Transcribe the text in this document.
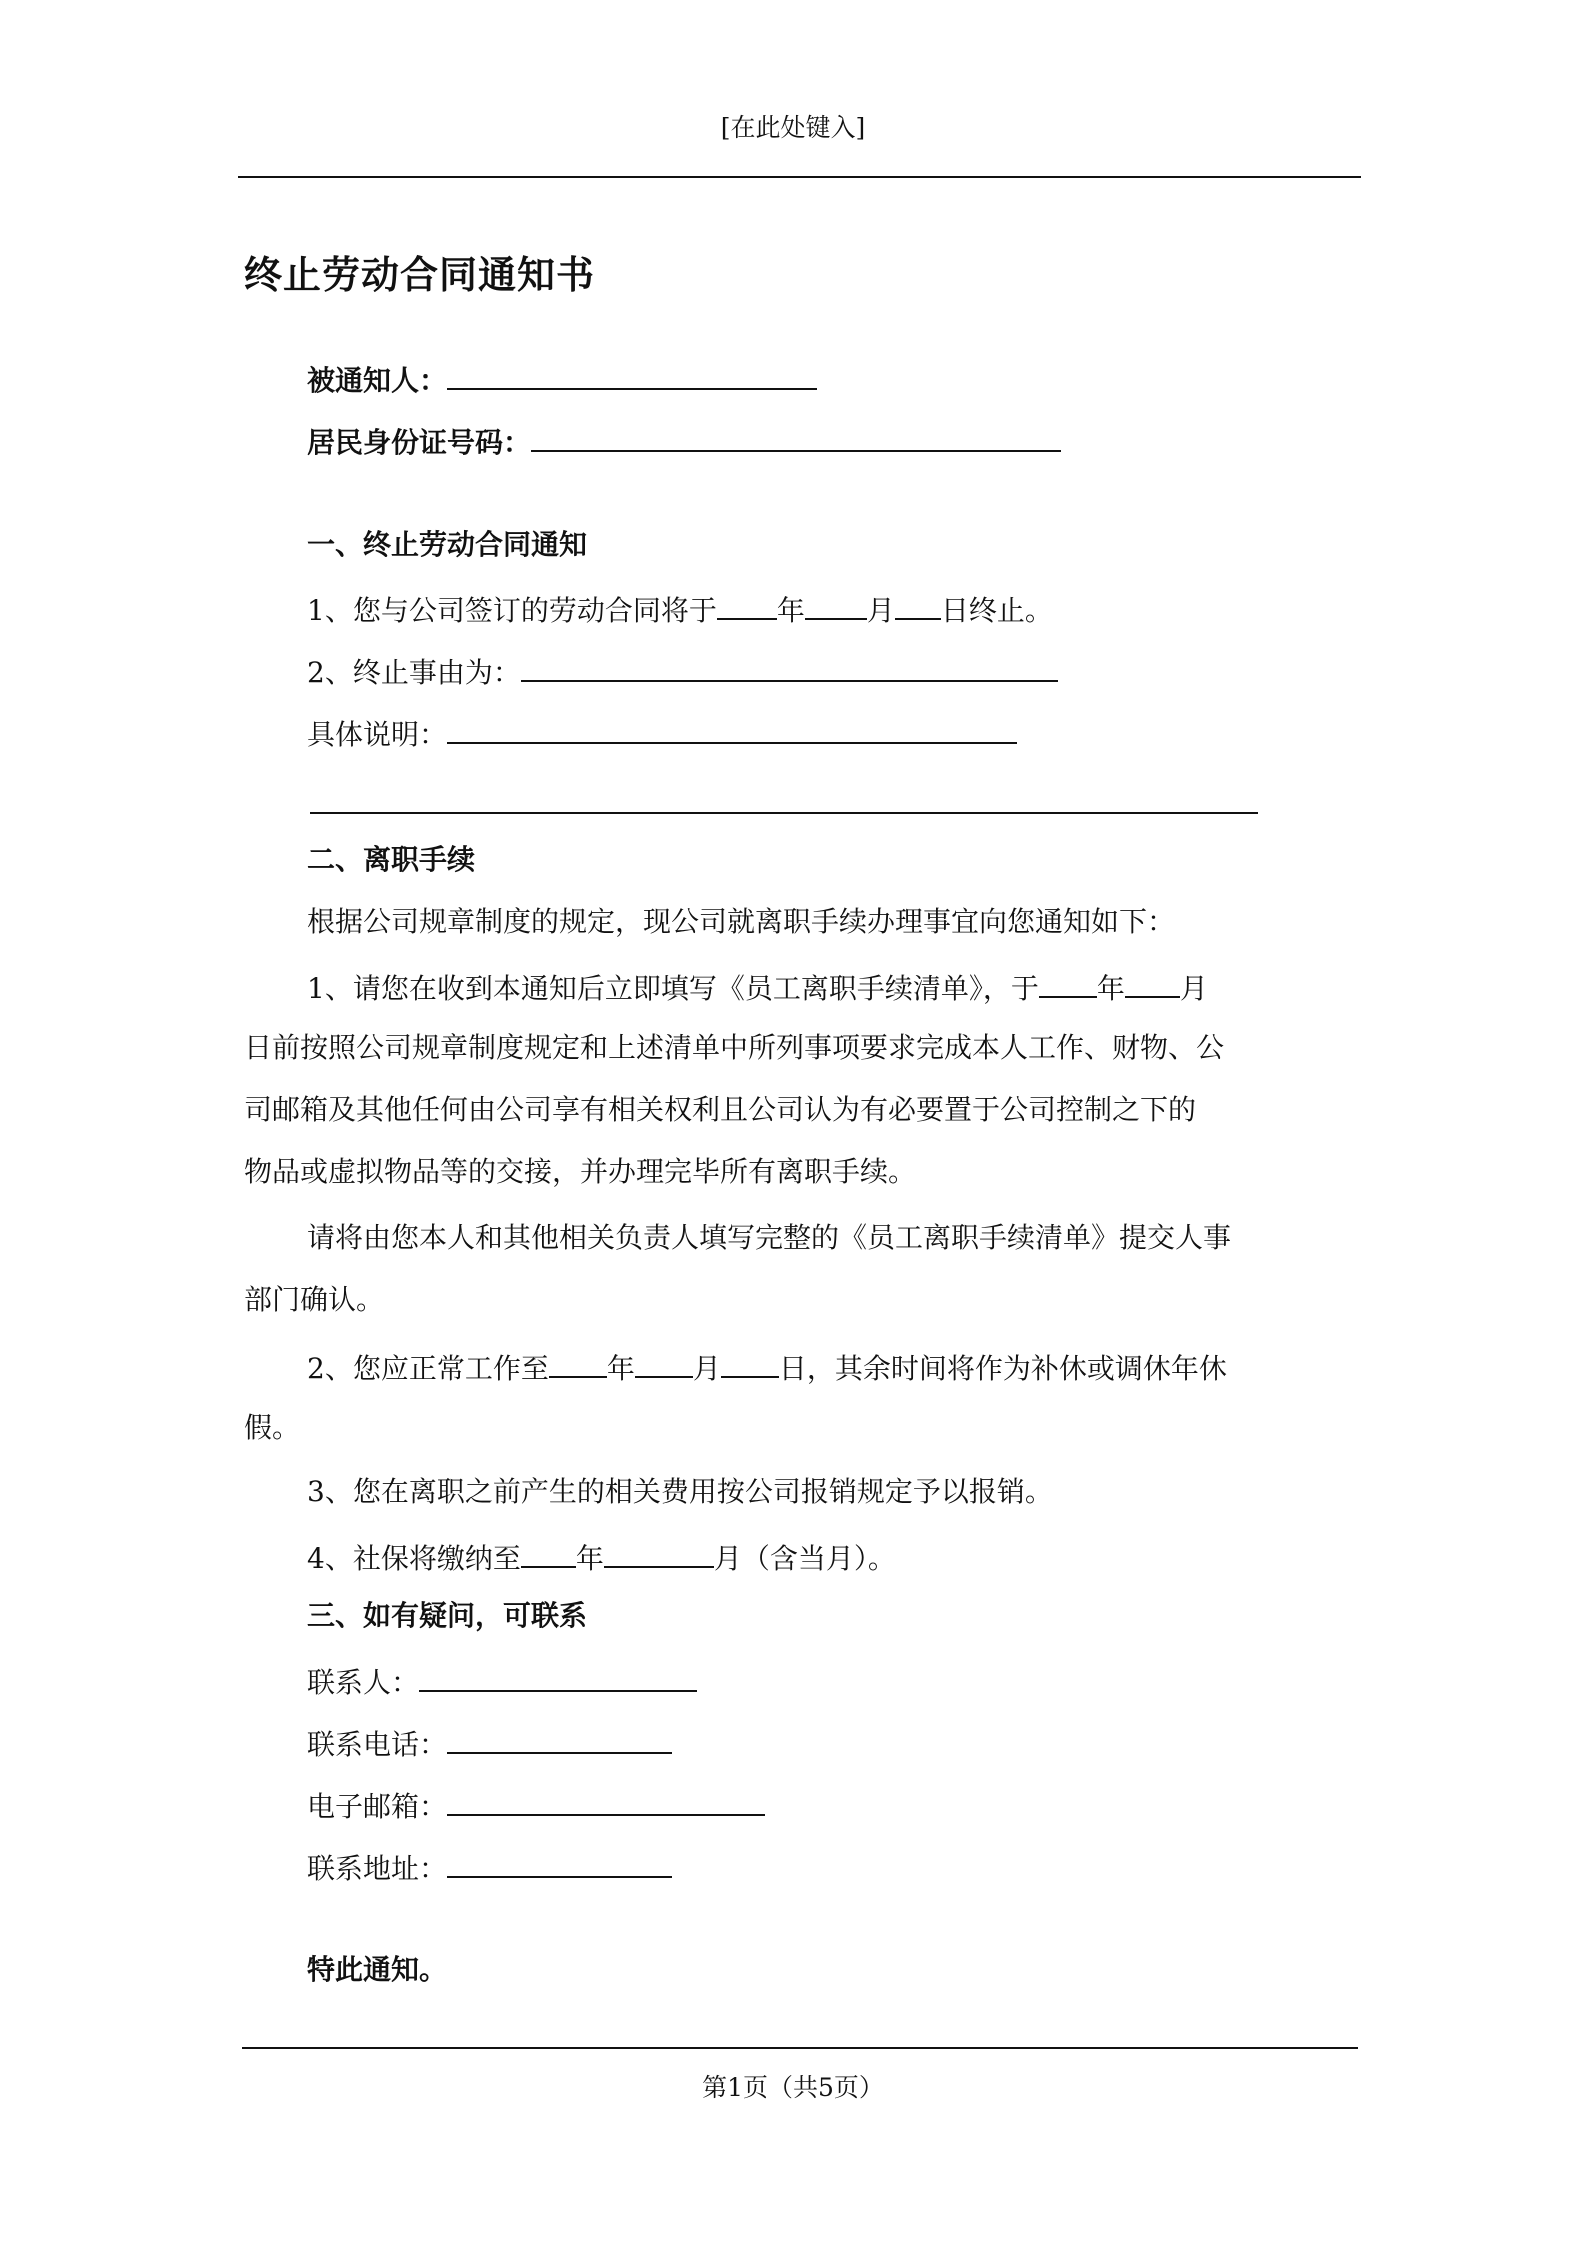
[在此处键入]
终止劳动合同通知书
被通知人：
居民身份证号码：
一、终止劳动合同通知
1、您与公司签订的劳动合同将于 年 月 日终止。
2、终止事由为：
具体说明：
二、离职手续
根据公司规章制度的规定，现公司就离职手续办理事宜向您通知如下：
1、请您在收到本通知后立即填写《员工离职手续清单》，于 年 月
日前按照公司规章制度规定和上述清单中所列事项要求完成本人工作、财物、公
司邮箱及其他任何由公司享有相关权利且公司认为有必要置于公司控制之下的
物品或虚拟物品等的交接，并办理完毕所有离职手续。
请将由您本人和其他相关负责人填写完整的《员工离职手续清单》提交人事
部门确认。
2、您应正常工作至 年 月 日，其余时间将作为补休或调休年休
假。
3、您在离职之前产生的相关费用按公司报销规定予以报销。
4、社保将缴纳至 年	月（含当月）。
三、如有疑问，可联系
联系人：
联系电话：
电子邮箱：
联系地址：
特此通知。
第1页（共5页）
